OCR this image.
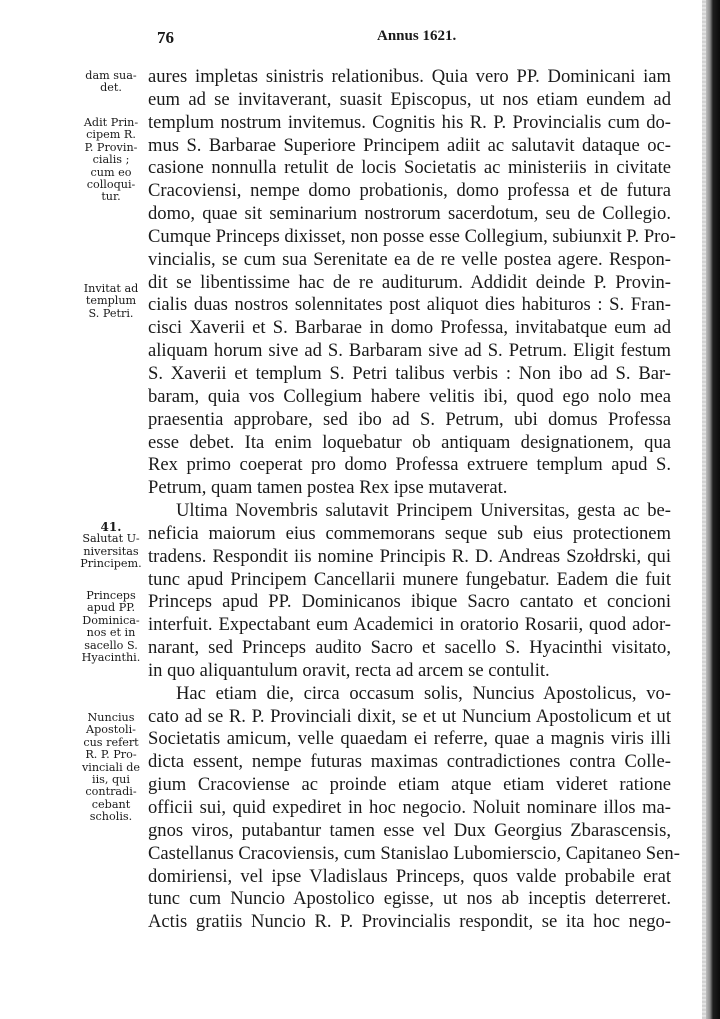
76	Annus 1621.
dam sua-
det.
Adit Prin-
cipem R.
P. Provin-
cialis ;
cum eo
colloqui-
tur.
Invitat ad
templum
S. Petri.
41.
Salutat U-
niversitas
Principem.
Princeps
apud PP.
Dominica-
nos et in
sacello S.
Hyacinthi.
Nuncius
Apostoli-
cus refert
R. P. Pro-
vinciali de
iis, qui
contradi-
cebant
scholis.
aures impletas sinistris relationibus. Quia vero PP. Dominicani iam
eum ad se invitaverant, suasit Episcopus, ut nos etiam eundem ad
templum nostrum invitemus. Cognitis his R. P. Provincialis cum do-
mus S. Barbarae Superiore Principem adiit ac salutavit dataque oc-
casione nonnulla retulit de locis Societatis ac ministeriis in civitate
Cracoviensi, nempe domo probationis, domo professa et de futura
domo, quae sit seminarium nostrorum sacerdotum, seu de Collegio.
Cumque Princeps dixisset, non posse esse Collegium, subiunxit P. Pro-
vincialis, se cum sua Serenitate ea de re velle postea agere. Respon-
dit se libentissime hac de re auditurum. Addidit deinde P. Provin-
cialis duas nostros solennitates post aliquot dies habituros : S. Fran-
cisci Xaverii et S. Barbarae in domo Professa, invitabatque eum ad
aliquam horum sive ad S. Barbaram sive ad S. Petrum. Eligit festum
S. Xaverii et templum S. Petri talibus verbis : Non ibo ad S. Bar-
baram, quia vos Collegium habere velitis ibi, quod ego nolo mea
praesentia approbare, sed ibo ad S. Petrum, ubi domus Professa
esse debet. Ita enim loquebatur ob antiquam designationem, qua
Rex primo coeperat pro domo Professa extruere templum apud S.
Petrum, quam tamen postea Rex ipse mutaverat.
Ultima Novembris salutavit Principem Universitas, gesta ac be-
neficia maiorum eius commemorans seque sub eius protectionem
tradens. Respondit iis nomine Principis R. D. Andreas Szołdrski, qui
tunc apud Principem Cancellarii munere fungebatur. Eadem die fuit
Princeps apud PP. Dominicanos ibique Sacro cantato et concioni
interfuit. Expectabant eum Academici in oratorio Rosarii, quod ador-
narant, sed Princeps audito Sacro et sacello S. Hyacinthi visitato,
in quo aliquantulum oravit, recta ad arcem se contulit.
Hac etiam die, circa occasum solis, Nuncius Apostolicus, vo-
cato ad se R. P. Provinciali dixit, se et ut Nuncium Apostolicum et ut
Societatis amicum, velle quaedam ei referre, quae a magnis viris illi
dicta essent, nempe futuras maximas contradictiones contra Colle-
gium Cracoviense ac proinde etiam atque etiam videret ratione
officii sui, quid expediret in hoc negocio. Noluit nominare illos ma-
gnos viros, putabantur tamen esse vel Dux Georgius Zbarascensis,
Castellanus Cracoviensis, cum Stanislao Lubomierscio, Capitaneo Sen-
domiriensi, vel ipse Vladislaus Princeps, quos valde probabile erat
tunc cum Nuncio Apostolico egisse, ut nos ab inceptis deterreret.
Actis gratiis Nuncio R. P. Provincialis respondit, se ita hoc nego-
